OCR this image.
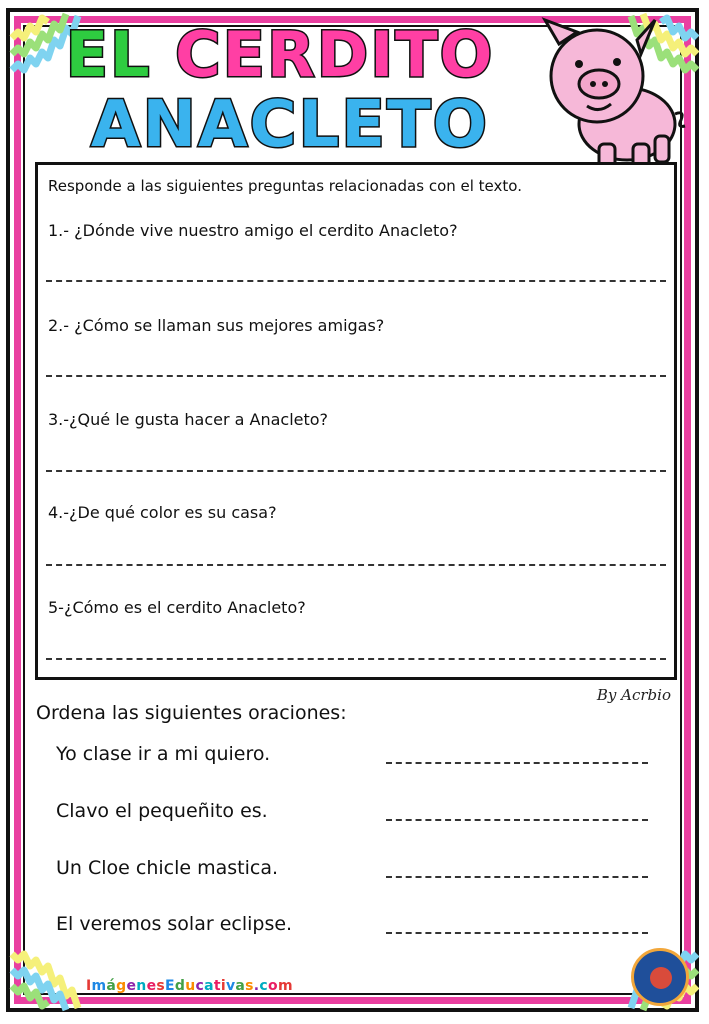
EL CERDITO
ANACLETO
Responde a las siguientes preguntas relacionadas con el texto.
1.- ¿Dónde vive nuestro amigo el cerdito Anacleto?
2.- ¿Cómo se llaman sus mejores amigas?
3.-¿Qué le gusta hacer a Anacleto?
4.-¿De qué color es su casa?
5-¿Cómo es el cerdito Anacleto?
By Acrbio
Ordena las siguientes oraciones:
Yo clase ir a mi quiero.
Clavo el pequeñito es.
Un Cloe chicle mastica.
El veremos solar eclipse.
ImágenesEducativas.com
